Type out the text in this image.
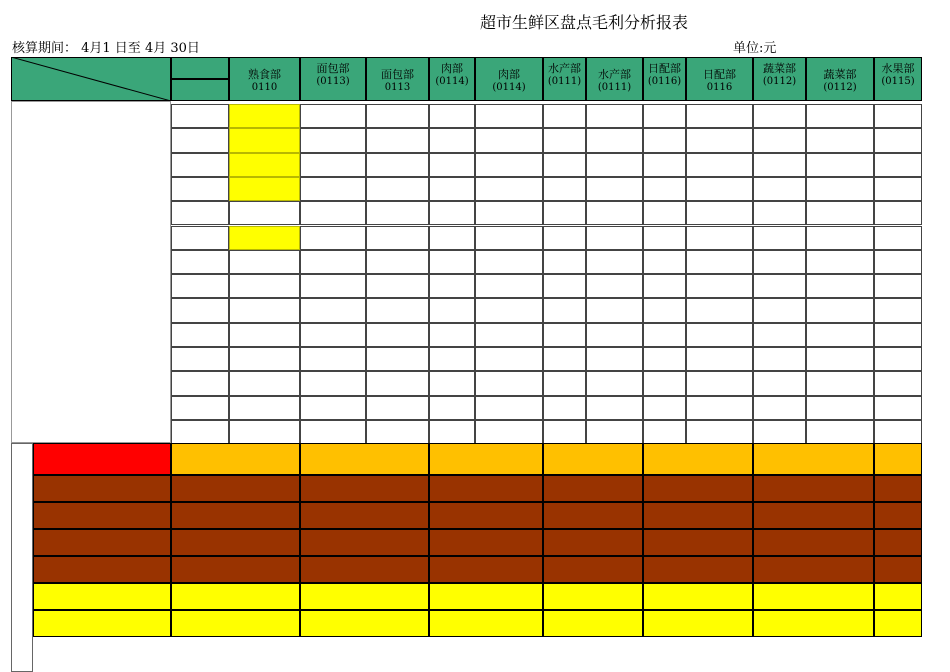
超市生鲜区盘点毛利分析报表
核算期间： 4月1 日至 4月 30日	单位:元
熟食部
0110
面包部
(0113)
面包部
0113
肉部
(0114)
肉部
(0114)
水产部
(0111)
水产部
(0111)
日配部
(0116)
日配部
0116
蔬菜部
(0112)
蔬菜部
(0112)
水果部
(0115)
